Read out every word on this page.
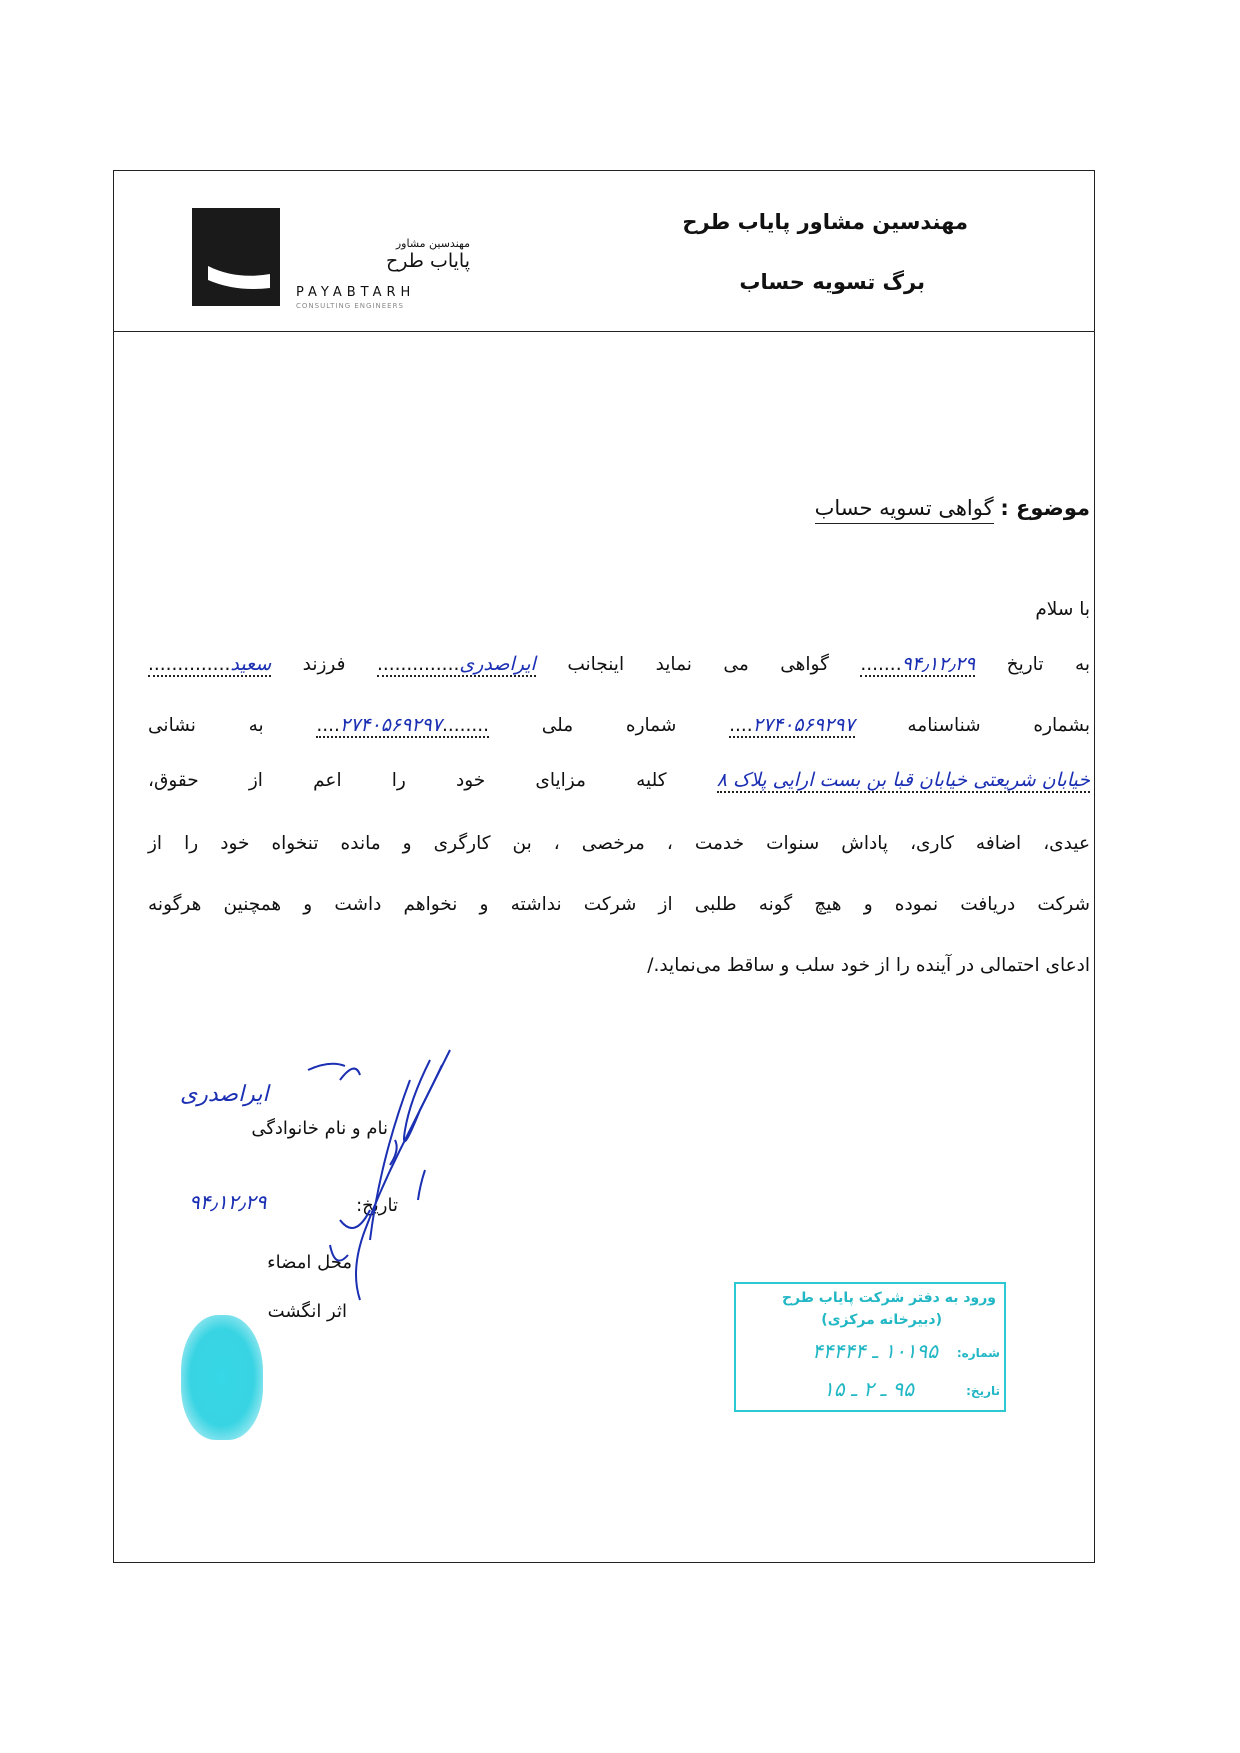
مهندسین مشاور پایاب طرح
برگ تسویه حساب
مهندسین مشاور
پایاب طرح
PAYABTARH
CONSULTING ENGINEERS
موضوع : گواهی تسویه حساب
با سلام
به تاریخ ۹۴٫۱۲٫۲۹....... گواهی می نماید اینجانب ایراصدری.............. فرزند سعید..............
بشماره شناسنامه ۲۷۴۰۵۶۹۲۹۷.... شماره ملی ........۲۷۴۰۵۶۹۲۹۷.... به نشانی
خیابان شریعتی خیابان قبا بن بست ارایی پلاک ۸ کلیه مزایای خود را اعم از حقوق،
عیدی، اضافه کاری، پاداش سنوات خدمت ، مرخصی ، بن کارگری و مانده تنخواه خود را از
شرکت دریافت نموده و هیچ گونه طلبی از شرکت نداشته و نخواهم داشت و همچنین هرگونه
ادعای احتمالی در آینده را از خود سلب و ساقط می‌نماید./
ایراصدری
نام و نام خانوادگی
۹۴٫۱۲٫۲۹	تاریخ:
محل امضاء
اثر انگشت
ورود به دفتر شرکت پایاب طرح
(دبیرخانه مرکزی)
شماره:
۱۰۱۹۵ ـ ۴۴۴۴۴
تاریخ:
۹۵ ـ ۲ ـ ۱۵
